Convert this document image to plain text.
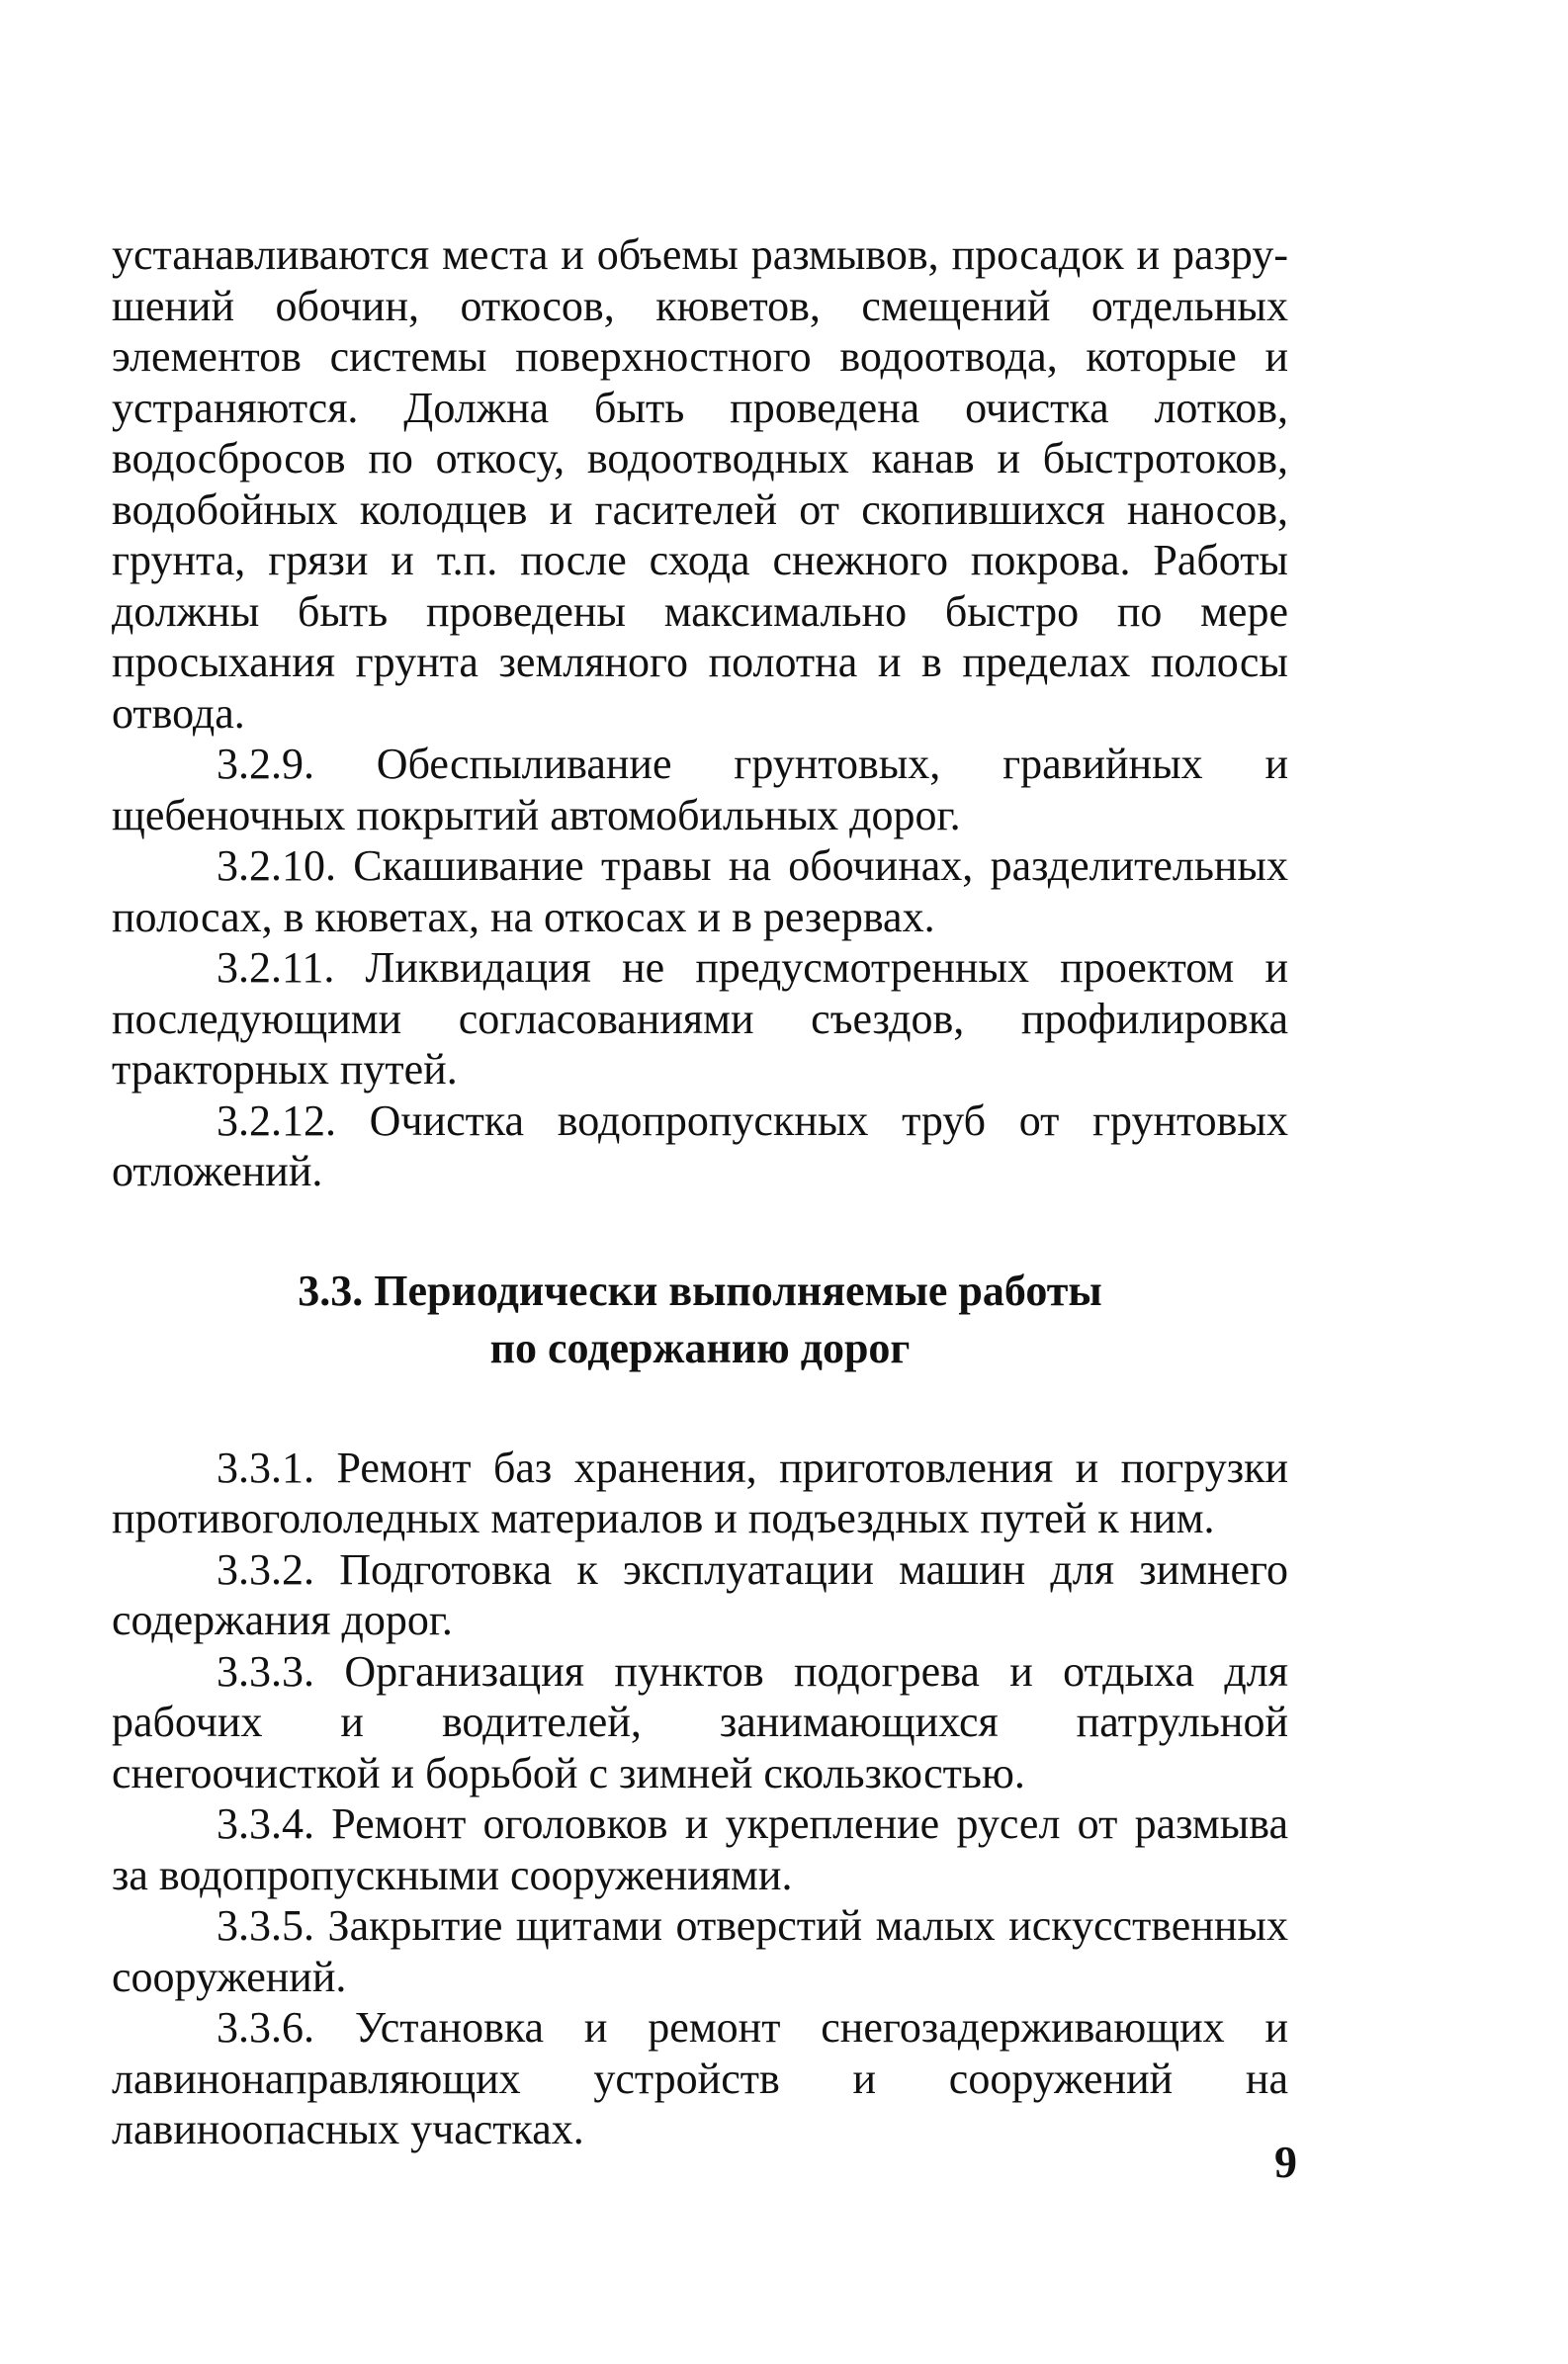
устанавливаются места и объемы размывов, просадок и разрушений обочин, откосов, кюветов, смещений отдельных элементов системы поверхностного водоотвода, которые и устраняются. Должна быть проведена очистка лотков, водосбросов по откосу, водоотводных канав и быстротоков, водобойных колодцев и гасителей от скопившихся наносов, грунта, грязи и т.п. после схода снежного покрова. Работы должны быть проведены максимально быстро по мере просыхания грунта земляного полотна и в пределах полосы отвода.

3.2.9. Обеспыливание грунтовых, гравийных и щебеночных покрытий автомобильных дорог.

3.2.10. Скашивание травы на обочинах, разделительных полосах, в кюветах, на откосах и в резервах.

3.2.11. Ликвидация не предусмотренных проектом и последующими согласованиями съездов, профилировка тракторных путей.

3.2.12. Очистка водопропускных труб от грунтовых отложений.

3.3. Периодически выполняемые работы
по содержанию дорог

3.3.1. Ремонт баз хранения, приготовления и погрузки противогололедных материалов и подъездных путей к ним.

3.3.2. Подготовка к эксплуатации машин для зимнего содержания дорог.

3.3.3. Организация пунктов подогрева и отдыха для рабочих и водителей, занимающихся патрульной снегоочисткой и борьбой с зимней скользкостью.

3.3.4. Ремонт оголовков и укрепление русел от размыва за водопропускными сооружениями.

3.3.5. Закрытие щитами отверстий малых искусственных сооружений.

3.3.6. Установка и ремонт снегозадерживающих и лавинонаправляющих устройств и сооружений на лавиноопасных участках.

9
